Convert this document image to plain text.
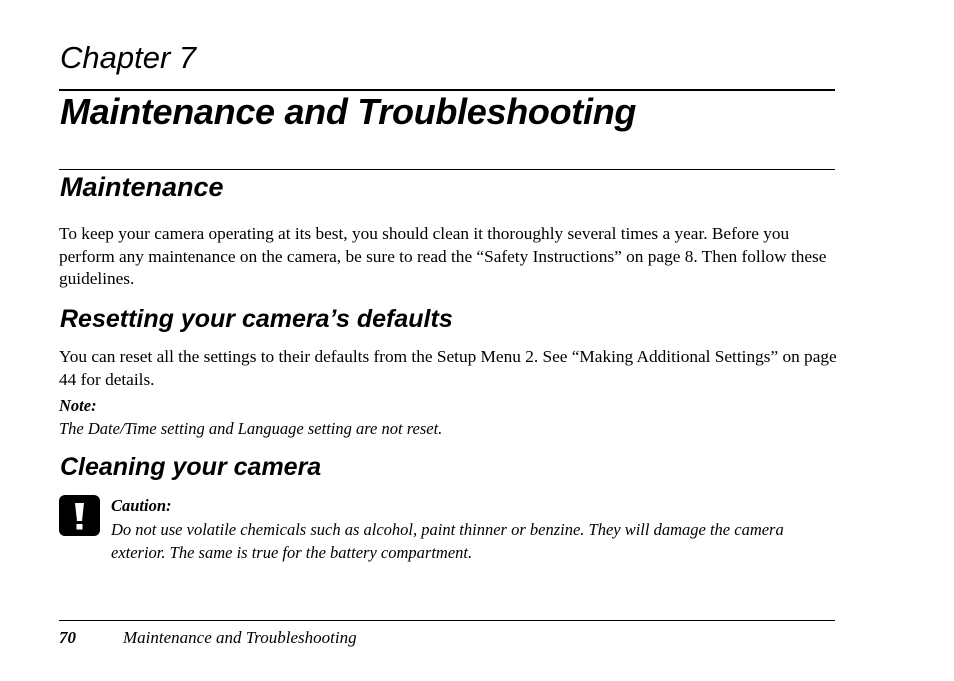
Chapter 7
Maintenance and Troubleshooting
Maintenance
To keep your camera operating at its best, you should clean it thoroughly several times a year. Before you perform any maintenance on the camera, be sure to read the “Safety Instructions” on page 8. Then follow these guidelines.
Resetting your camera’s defaults
You can reset all the settings to their defaults from the Setup Menu 2. See “Making Additional Settings” on page 44 for details.
Note:
The Date/Time setting and Language setting are not reset.
Cleaning your camera
Caution:
Do not use volatile chemicals such as alcohol, paint thinner or benzine. They will damage the camera exterior. The same is true for the battery compartment.
70	Maintenance and Troubleshooting
